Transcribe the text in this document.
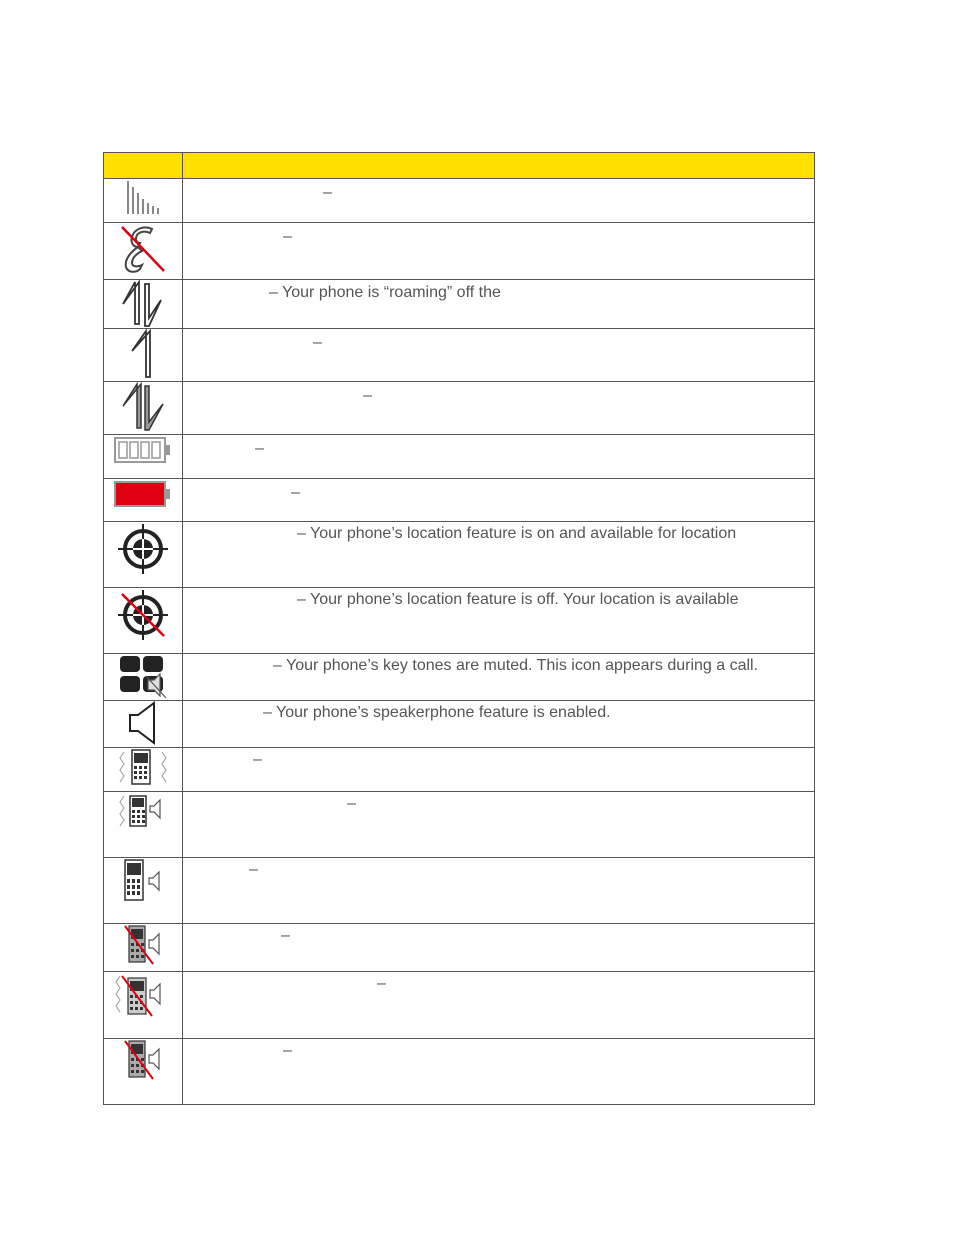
	–

	–

	– Your phone is “roaming” off the

	–

	–

	–

	–

	– Your phone’s location feature is on and available for location

	– Your phone’s location feature is off. Your location is available

	– Your phone’s key tones are muted. This icon appears during a call.

	– Your phone’s speakerphone feature is enabled.

	–

	–

	–

	–

	–

	–
